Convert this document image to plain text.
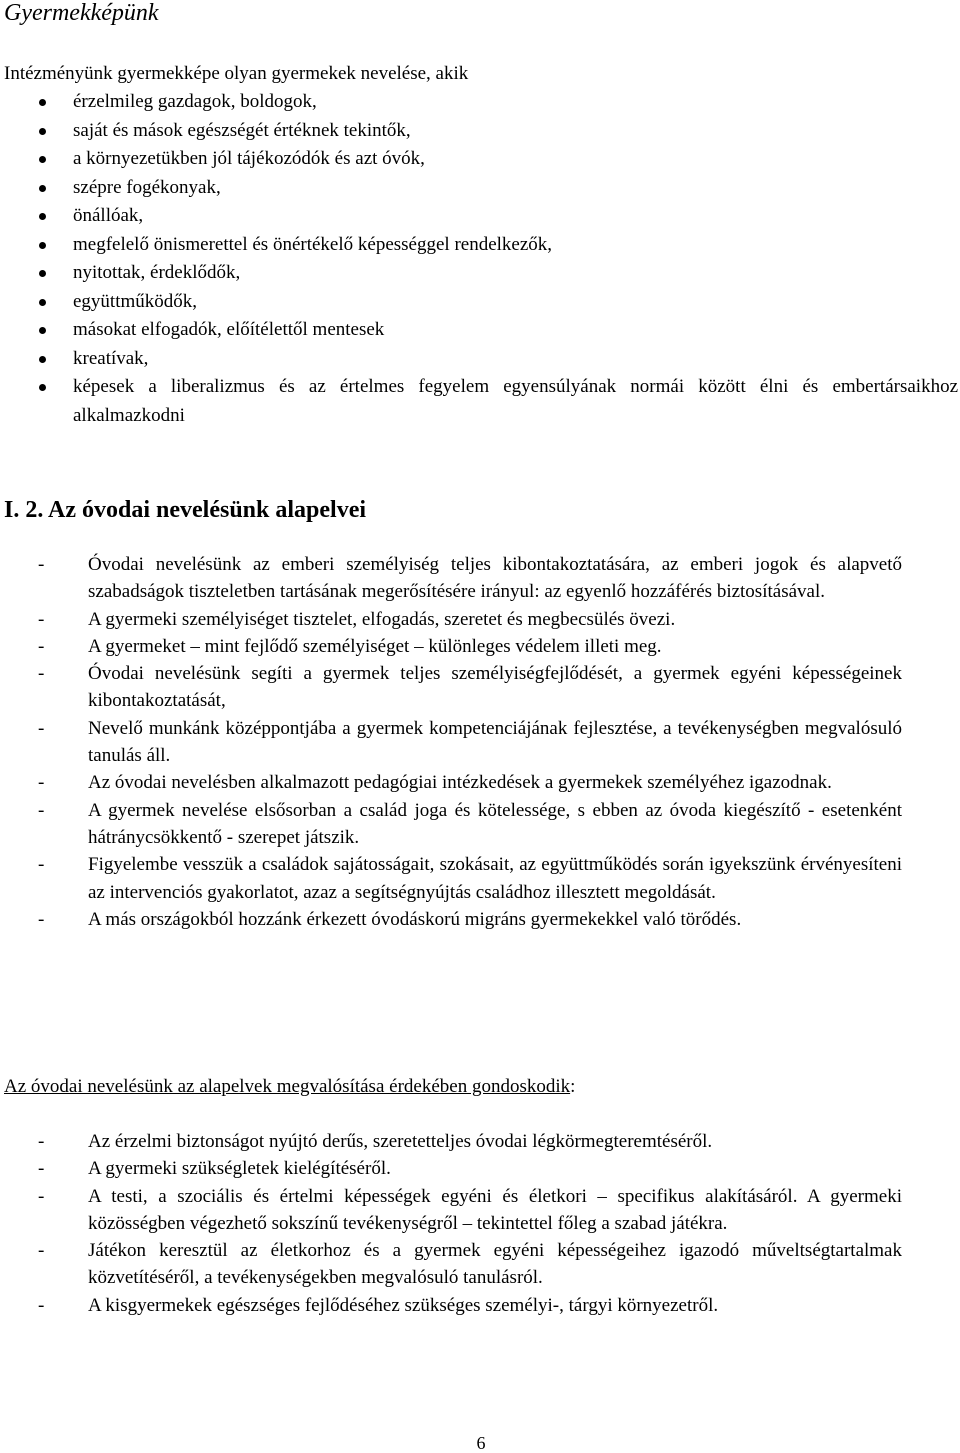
Gyermekképünk

Intézményünk gyermekképe olyan gyermekek nevelése, akik

érzelmileg gazdagok, boldogok,
saját és mások egészségét értéknek tekintők,
a környezetükben jól tájékozódók és azt óvók,
szépre fogékonyak,
önállóak,
megfelelő önismerettel és önértékelő képességgel rendelkezők,
nyitottak, érdeklődők,
együttműködők,
másokat elfogadók, előítélettől mentesek
kreatívak,
képesek a liberalizmus és az értelmes fegyelem egyensúlyának normái között élni és embertársaikhoz alkalmazkodni
I. 2. Az óvodai nevelésünk alapelvei
- Óvodai nevelésünk az emberi személyiség teljes kibontakoztatására, az emberi jogok és alapvető szabadságok tiszteletben tartásának megerősítésére irányul: az egyenlő hozzáférés biztosításával.
- A gyermeki személyiséget tisztelet, elfogadás, szeretet és megbecsülés övezi.
- A gyermeket – mint fejlődő személyiséget – különleges védelem illeti meg.
- Óvodai nevelésünk segíti a gyermek teljes személyiségfejlődését, a gyermek egyéni képességeinek kibontakoztatását,
- Nevelő munkánk középpontjába a gyermek kompetenciájának fejlesztése, a tevékenységben megvalósuló tanulás áll.
- Az óvodai nevelésben alkalmazott pedagógiai intézkedések a gyermekek személyéhez igazodnak.
- A gyermek nevelése elsősorban a család joga és kötelessége, s ebben az óvoda kiegészítő - esetenként hátránycsökkentő - szerepet játszik.
- Figyelembe vesszük a családok sajátosságait, szokásait, az együttműködés során igyekszünk érvényesíteni az intervenciós gyakorlatot, azaz a segítségnyújtás családhoz illesztett megoldását.
- A más országokból hozzánk érkezett óvodáskorú migráns gyermekekkel való törődés.
Az óvodai nevelésünk az alapelvek megvalósítása érdekében gondoskodik:
- Az érzelmi biztonságot nyújtó derűs, szeretetteljes óvodai légkörmegteremtéséről.
- A gyermeki szükségletek kielégítéséről.
- A testi, a szociális és értelmi képességek egyéni és életkori – specifikus alakításáról. A gyermeki közösségben végezhető sokszínű tevékenységről – tekintettel főleg a szabad játékra.
- Játékon keresztül az életkorhoz és a gyermek egyéni képességeihez igazodó műveltségtartalmak közvetítéséről, a tevékenységekben megvalósuló tanulásról.
- A kisgyermekek egészséges fejlődéséhez szükséges személyi-, tárgyi környezetről.

6
